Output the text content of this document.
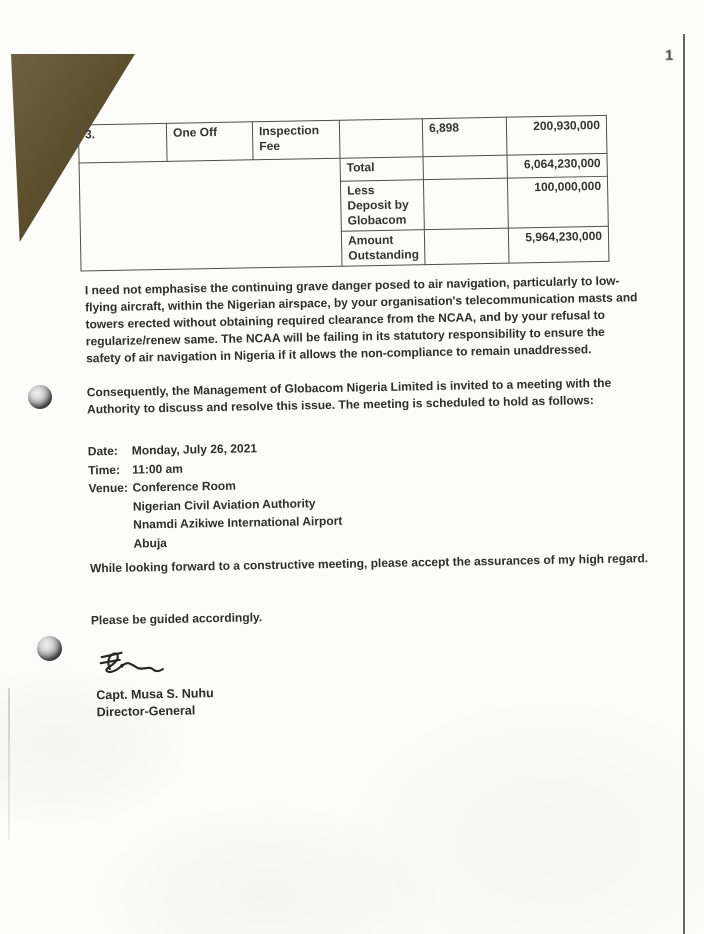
1
3.	One Off	Inspection Fee		6,898	200,930,000
			Total		6,064,230,000
			Less Deposit by Globacom		100,000,000
			Amount Outstanding		5,964,230,000

I need not emphasise the continuing grave danger posed to air navigation, particularly to low-flying aircraft, within the Nigerian airspace, by your organisation's telecommunication masts and towers erected without obtaining required clearance from the NCAA, and by your refusal to regularize/renew same. The NCAA will be failing in its statutory responsibility to ensure the safety of air navigation in Nigeria if it allows the non-compliance to remain unaddressed.

Consequently, the Management of Globacom Nigeria Limited is invited to a meeting with the Authority to discuss and resolve this issue. The meeting is scheduled to hold as follows:

Date: Monday, July 26, 2021
Time: 11:00 am
Venue: Conference Room
Nigerian Civil Aviation Authority
Nnamdi Azikiwe International Airport
Abuja

While looking forward to a constructive meeting, please accept the assurances of my high regard.

Please be guided accordingly.

Capt. Musa S. Nuhu
Director-General
